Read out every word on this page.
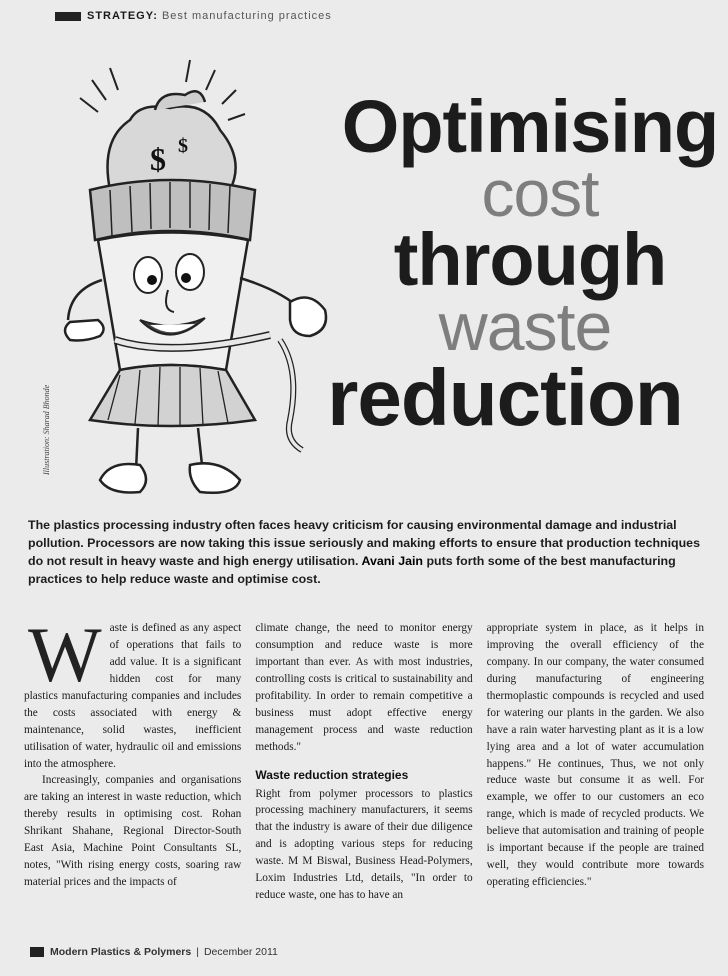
STRATEGY: Best manufacturing practices
$ $
Illustration: Sharad Bhonde
Optimising
cost
through
waste
reduction

The plastics processing industry often faces heavy criticism for causing environmental damage and industrial pollution. Processors are now taking this issue seriously and making efforts to ensure that production techniques do not result in heavy waste and high energy utilisation. Avani Jain puts forth some of the best manufacturing practices to help reduce waste and optimise cost.

Waste is defined as any aspect of operations that fails to add value. It is a significant hidden cost for many plastics manufacturing companies and includes the costs associated with energy & maintenance, solid wastes, inefficient utilisation of water, hydraulic oil and emissions into the atmosphere.

Increasingly, companies and organisations are taking an interest in waste reduction, which thereby results in optimising cost. Rohan Shrikant Shahane, Regional Director-South East Asia, Machine Point Consultants SL, notes, "With rising energy costs, soaring raw material prices and the impacts of

climate change, the need to monitor energy consumption and reduce waste is more important than ever. As with most industries, controlling costs is critical to sustainability and profitability. In order to remain competitive a business must adopt effective energy management process and waste reduction methods."

Waste reduction strategies

Right from polymer processors to plastics processing machinery manufacturers, it seems that the industry is aware of their due diligence and is adopting various steps for reducing waste. M M Biswal, Business Head-Polymers, Loxim Industries Ltd, details, "In order to reduce waste, one has to have an

appropriate system in place, as it helps in improving the overall efficiency of the company. In our company, the water consumed during manufacturing of engineering thermoplastic compounds is recycled and used for watering our plants in the garden. We also have a rain water harvesting plant as it is a low lying area and a lot of water accumulation happens." He continues, Thus, we not only reduce waste but consume it as well. For example, we offer to our customers an eco range, which is made of recycled products. We believe that automisation and training of people is important because if the people are trained well, they would contribute more towards operating efficiencies."

Modern Plastics & Polymers | December 2011
